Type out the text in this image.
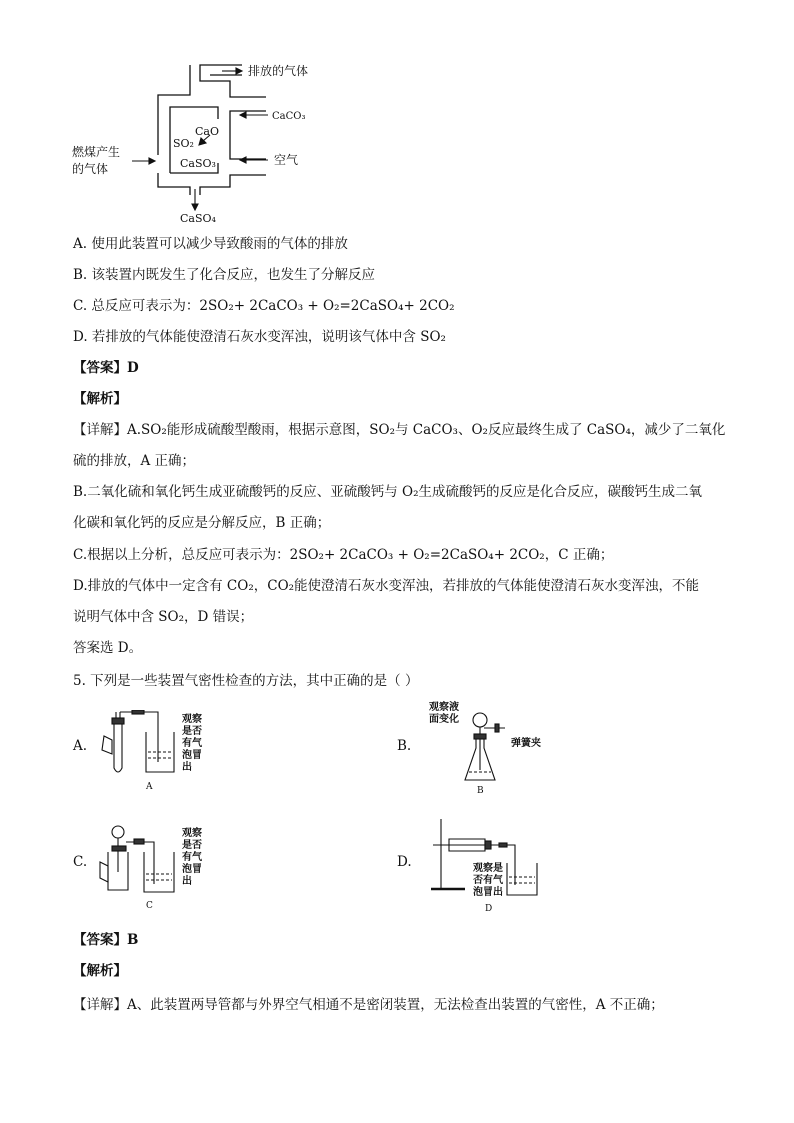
排放的气体
CaCO₃
CaO
SO₂
CaSO₃	空气
燃煤产生
的气体
CaSO₄
A. 使用此装置可以减少导致酸雨的气体的排放
B. 该装置内既发生了化合反应，也发生了分解反应
C. 总反应可表示为：2SO₂+ 2CaCO₃ + O₂=2CaSO₄+ 2CO₂
D. 若排放的气体能使澄清石灰水变浑浊，说明该气体中含 SO₂
【答案】D
【解析】
【详解】A.SO₂能形成硫酸型酸雨，根据示意图，SO₂与 CaCO₃、O₂反应最终生成了 CaSO₄，减少了二氧化
硫的排放，A 正确；
B.二氧化硫和氧化钙生成亚硫酸钙的反应、亚硫酸钙与 O₂生成硫酸钙的反应是化合反应，碳酸钙生成二氧
化碳和氧化钙的反应是分解反应，B 正确；
C.根据以上分析，总反应可表示为：2SO₂+ 2CaCO₃ + O₂=2CaSO₄+ 2CO₂，C 正确；
D.排放的气体中一定含有 CO₂，CO₂能使澄清石灰水变浑浊，若排放的气体能使澄清石灰水变浑浊，不能
说明气体中含 SO₂，D 错误；
答案选 D。
5. 下列是一些装置气密性检查的方法，其中正确的是（ ）
A.
观察
是否
有气
泡冒
出
A
B.
观察液
面变化
弹簧夹
B
C.
观察
是否
有气
泡冒
出
C
D.	观察是
否有气
泡冒出
D
【答案】B
【解析】
【详解】A、此装置两导管都与外界空气相通不是密闭装置，无法检查出装置的气密性，A 不正确；
